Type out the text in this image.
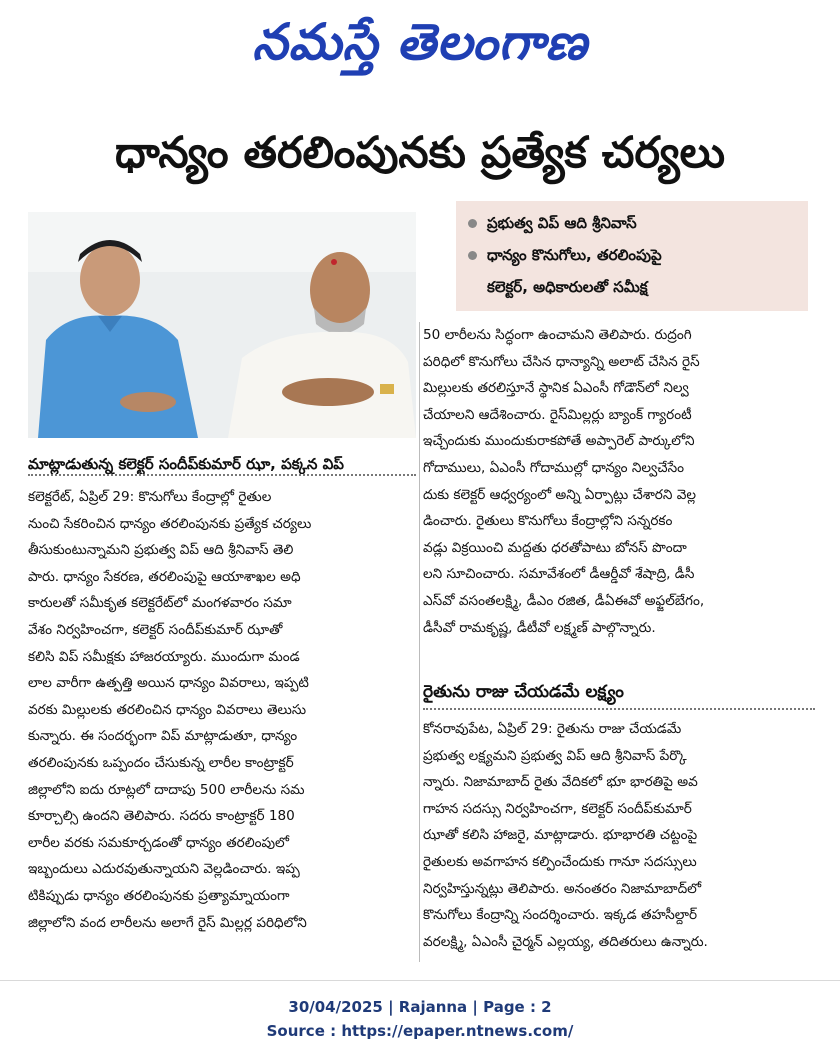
నమస్తే తెలంగాణ
ధాన్యం తరలింపునకు ప్రత్యేక చర్యలు
మాట్లాడుతున్న కలెక్టర్ సందీప్‌కుమార్ ఝా, పక్కన విప్
ప్రభుత్వ విప్ ఆది శ్రీనివాస్
ధాన్యం కొనుగోలు, తరలింపుపై
కలెక్టర్, అధికారులతో సమీక్ష
కలెక్టరేట్, ఏప్రిల్ 29: కొనుగోలు కేంద్రాల్లో రైతుల
నుంచి సేకరించిన ధాన్యం తరలింపునకు ప్రత్యేక చర్యలు
తీసుకుంటున్నామని ప్రభుత్వ విప్ ఆది శ్రీనివాస్ తెలి
పారు. ధాన్యం సేకరణ, తరలింపుపై ఆయాశాఖల అధి
కారులతో సమీకృత కలెక్టరేట్‌లో మంగళవారం సమా
వేశం నిర్వహించగా, కలెక్టర్ సందీప్‌కుమార్ ఝాతో
కలిసి విప్ సమీక్షకు హాజరయ్యారు. ముందుగా మండ
లాల వారీగా ఉత్పత్తి అయిన ధాన్యం వివరాలు, ఇప్పటి
వరకు మిల్లులకు తరలించిన ధాన్యం వివరాలు తెలుసు
కున్నారు. ఈ సందర్భంగా విప్ మాట్లాడుతూ, ధాన్యం
తరలింపునకు ఒప్పందం చేసుకున్న లారీల కాంట్రాక్టర్
జిల్లాలోని ఐదు రూట్లలో దాదాపు 500 లారీలను సమ
కూర్చాల్సి ఉందని తెలిపారు. సదరు కాంట్రాక్టర్ 180
లారీల వరకు సమకూర్చడంతో ధాన్యం తరలింపులో
ఇబ్బందులు ఎదురవుతున్నాయని వెల్లడించారు. ఇప్ప
టికిప్పుడు ధాన్యం తరలింపునకు ప్రత్యామ్నాయంగా
జిల్లాలోని వంద లారీలను అలాగే రైస్ మిల్లర్ల పరిధిలోని
50 లారీలను సిద్ధంగా ఉంచామని తెలిపారు. రుద్రంగి
పరిధిలో కొనుగోలు చేసిన ధాన్యాన్ని అలాట్ చేసిన రైస్
మిల్లులకు తరలిస్తూనే స్థానిక ఏఎంసీ గోడౌన్‌లో నిల్వ
చేయాలని ఆదేశించారు. రైస్‌మిల్లర్లు బ్యాంక్ గ్యారంటీ
ఇచ్చేందుకు ముందుకురాకపోతే అప్పారెల్ పార్కులోని
గోదాములు, ఏఎంసీ గోదాముల్లో ధాన్యం నిల్వచేసేం
దుకు కలెక్టర్ ఆధ్వర్యంలో అన్ని ఏర్పాట్లు చేశారని వెల్ల
డించారు. రైతులు కొనుగోలు కేంద్రాల్లోని సన్నరకం
వడ్లు విక్రయించి మద్దతు ధరతోపాటు బోనస్ పొందా
లని సూచించారు. సమావేశంలో డీఆర్డీవో శేషాద్రి, డీసీ
ఎస్‌వో వసంతలక్ష్మి, డీఎం రజిత, డీఏఈవో అఫ్జల్‌బేగం,
డీసీవో రామకృష్ణ, డీటీవో లక్ష్మణ్ పాల్గొన్నారు.
రైతును రాజు చేయడమే లక్ష్యం
కోనరావుపేట, ఏప్రిల్ 29: రైతును రాజు చేయడమే
ప్రభుత్వ లక్ష్యమని ప్రభుత్వ విప్ ఆది శ్రీనివాస్ పేర్కొ
న్నారు. నిజామాబాద్ రైతు వేదికలో భూ భారతిపై అవ
గాహన సదస్సు నిర్వహించగా, కలెక్టర్ సందీప్‌కుమార్
ఝాతో కలిసి హాజరై, మాట్లాడారు. భూభారతి చట్టంపై
రైతులకు అవగాహన కల్పించేందుకు గానూ సదస్సులు
నిర్వహిస్తున్నట్లు తెలిపారు. అనంతరం నిజామాబాద్‌లో
కొనుగోలు కేంద్రాన్ని సందర్శించారు. ఇక్కడ తహసీల్దార్
వరలక్ష్మి, ఏఎంసీ చైర్మన్ ఎల్లయ్య, తదితరులు ఉన్నారు.
30/04/2025 | Rajanna | Page : 2
Source : https://epaper.ntnews.com/
